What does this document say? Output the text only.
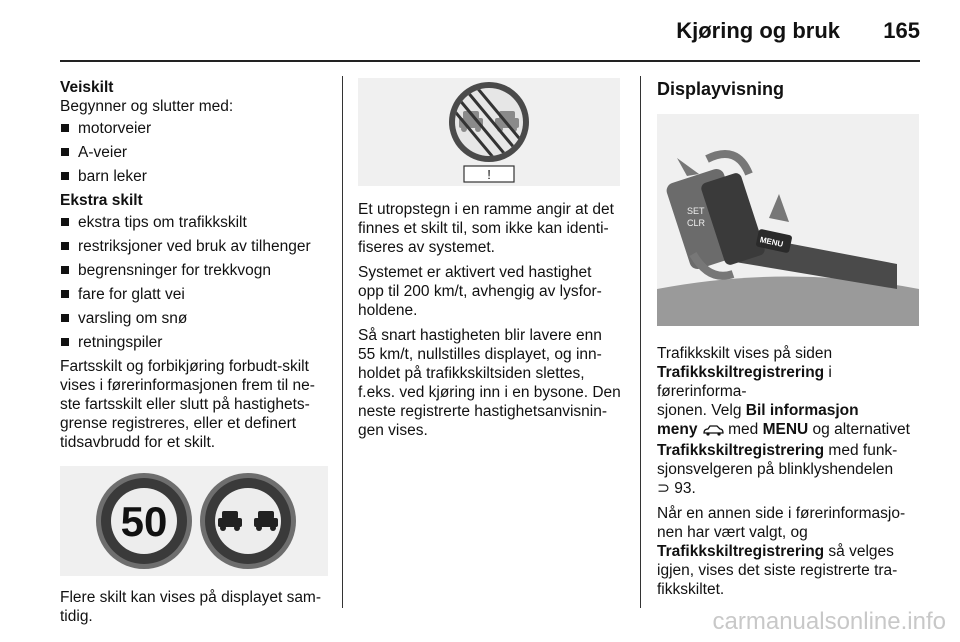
Kjøring og bruk 165
Veiskilt
Begynner og slutter med:
motorveier
A-veier
barn leker
Ekstra skilt
ekstra tips om trafikkskilt
restriksjoner ved bruk av tilhenger
begrensninger for trekkvogn
fare for glatt vei
varsling om snø
retningspiler
Fartsskilt og forbikjøring forbudt-skilt
vises i førerinformasjonen frem til ne-
ste fartsskilt eller slutt på hastighets-
grense registreres, eller et definert
tidsavbrudd for et skilt.
50
Flere skilt kan vises på displayet sam-
tidig.
!
Et utropstegn i en ramme angir at det
finnes et skilt til, som ikke kan identi-
fiseres av systemet.
Systemet er aktivert ved hastighet
opp til 200 km/t, avhengig av lysfor-
holdene.
Så snart hastigheten blir lavere enn
55 km/t, nullstilles displayet, og inn-
holdet på trafikkskiltsiden slettes,
f.eks. ved kjøring inn i en bysone. Den
neste registrerte hastighetsanvisnin-
gen vises.
Displayvisning
SET
CLR
MENU
Trafikkskilt vises på siden
Trafikkskiltregistrering i førerinforma-
sjonen. Velg Bil informasjon
meny  med MENU og alternativet
Trafikkskiltregistrering med funk-
sjonsvelgeren på blinklyshendelen
⊃ 93.
Når en annen side i førerinformasjo-
nen har vært valgt, og
Trafikkskiltregistrering så velges
igjen, vises det siste registrerte tra-
fikkskiltet.
carmanualsonline.info
